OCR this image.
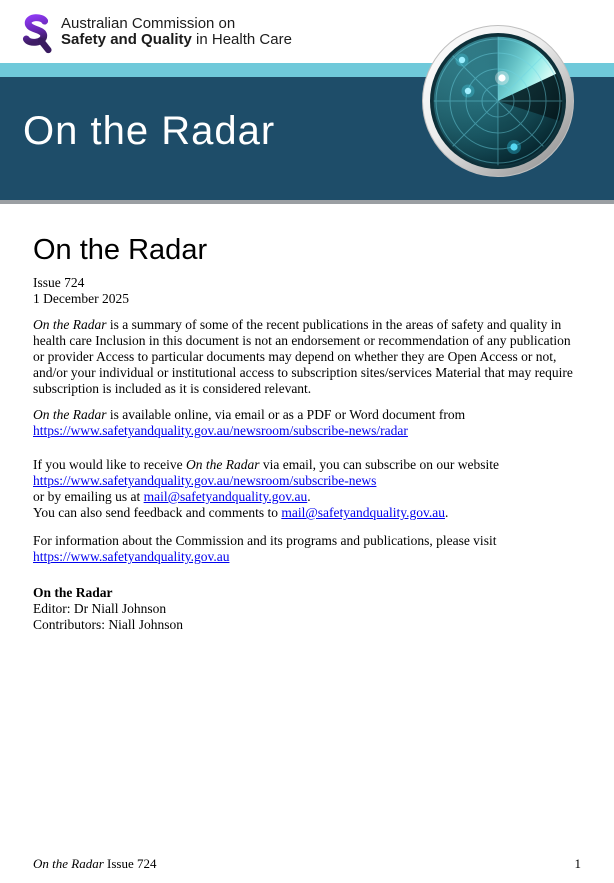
Australian Commission on
Safety and Quality in Health Care
On the Radar
On the Radar
Issue 724
1 December 2025

On the Radar is a summary of some of the recent publications in the areas of safety and quality in health care Inclusion in this document is not an endorsement or recommendation of any publication or provider Access to particular documents may depend on whether they are Open Access or not, and/or your individual or institutional access to subscription sites/services Material that may require subscription is included as it is considered relevant.

On the Radar is available online, via email or as a PDF or Word document from
https://www.safetyandquality.gov.au/newsroom/subscribe-news/radar

If you would like to receive On the Radar via email, you can subscribe on our website
https://www.safetyandquality.gov.au/newsroom/subscribe-news
or by emailing us at mail@safetyandquality.gov.au.
You can also send feedback and comments to mail@safetyandquality.gov.au.

For information about the Commission and its programs and publications, please visit
https://www.safetyandquality.gov.au

On the Radar
Editor: Dr Niall Johnson
Contributors: Niall Johnson

On the Radar Issue 724	1
